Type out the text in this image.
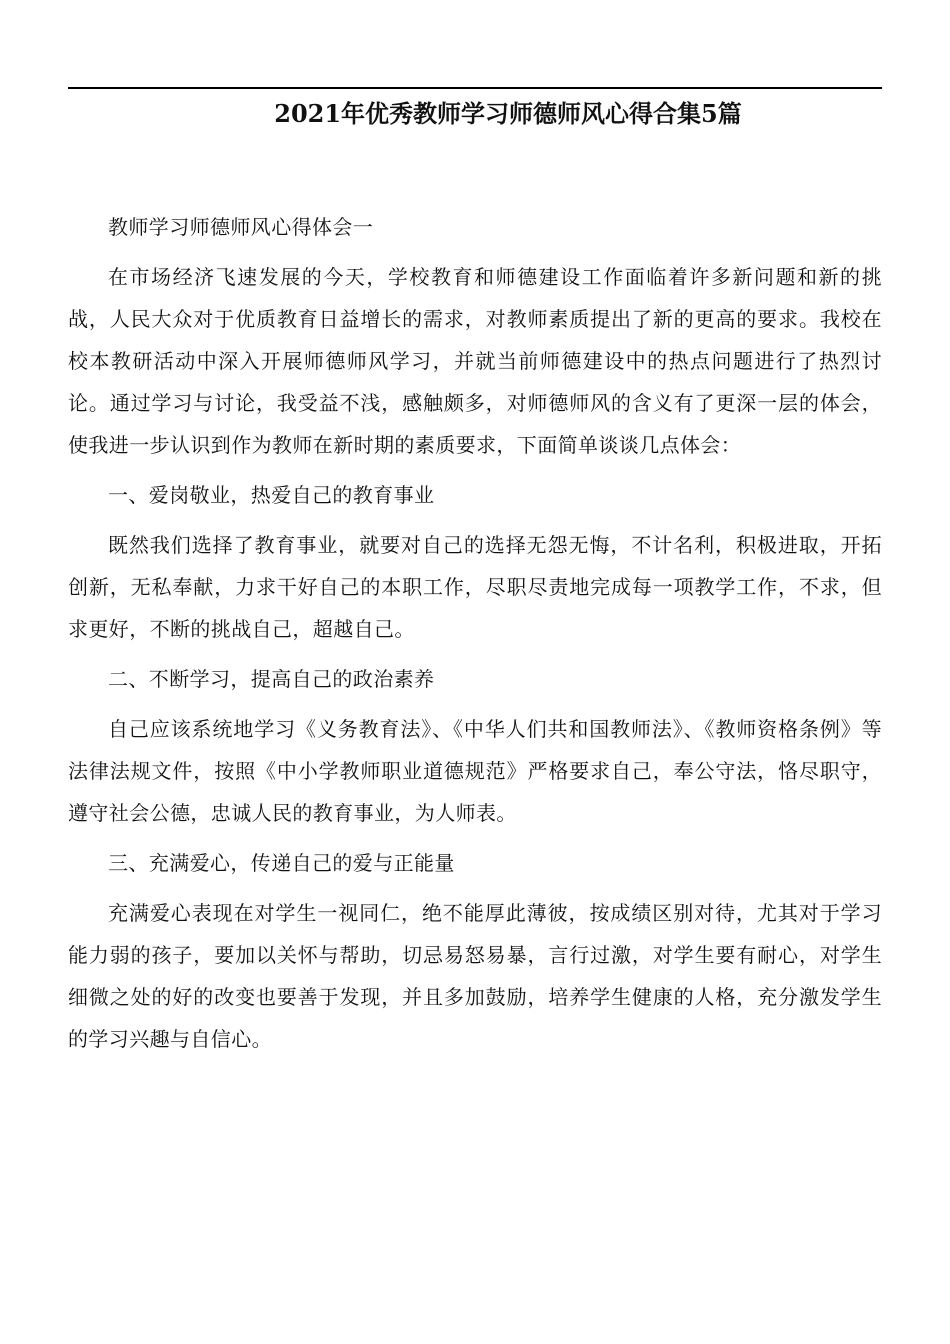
2021年优秀教师学习师德师风心得合集5篇

教师学习师德师风心得体会一

在市场经济飞速发展的今天，学校教育和师德建设工作面临着许多新问题和新的挑战，人民大众对于优质教育日益增长的需求，对教师素质提出了新的更高的要求。我校在校本教研活动中深入开展师德师风学习，并就当前师德建设中的热点问题进行了热烈讨论。通过学习与讨论，我受益不浅，感触颇多，对师德师风的含义有了更深一层的体会，使我进一步认识到作为教师在新时期的素质要求，下面简单谈谈几点体会：

一、爱岗敬业，热爱自己的教育事业

既然我们选择了教育事业，就要对自己的选择无怨无悔，不计名利，积极进取，开拓创新，无私奉献，力求干好自己的本职工作，尽职尽责地完成每一项教学工作，不求，但求更好，不断的挑战自己，超越自己。

二、不断学习，提高自己的政治素养

自己应该系统地学习《义务教育法》、《中华人们共和国教师法》、《教师资格条例》等法律法规文件，按照《中小学教师职业道德规范》严格要求自己，奉公守法，恪尽职守，遵守社会公德，忠诚人民的教育事业，为人师表。

三、充满爱心，传递自己的爱与正能量

充满爱心表现在对学生一视同仁，绝不能厚此薄彼，按成绩区别对待，尤其对于学习能力弱的孩子，要加以关怀与帮助，切忌易怒易暴，言行过激，对学生要有耐心，对学生细微之处的好的改变也要善于发现，并且多加鼓励，培养学生健康的人格，充分激发学生的学习兴趣与自信心。
